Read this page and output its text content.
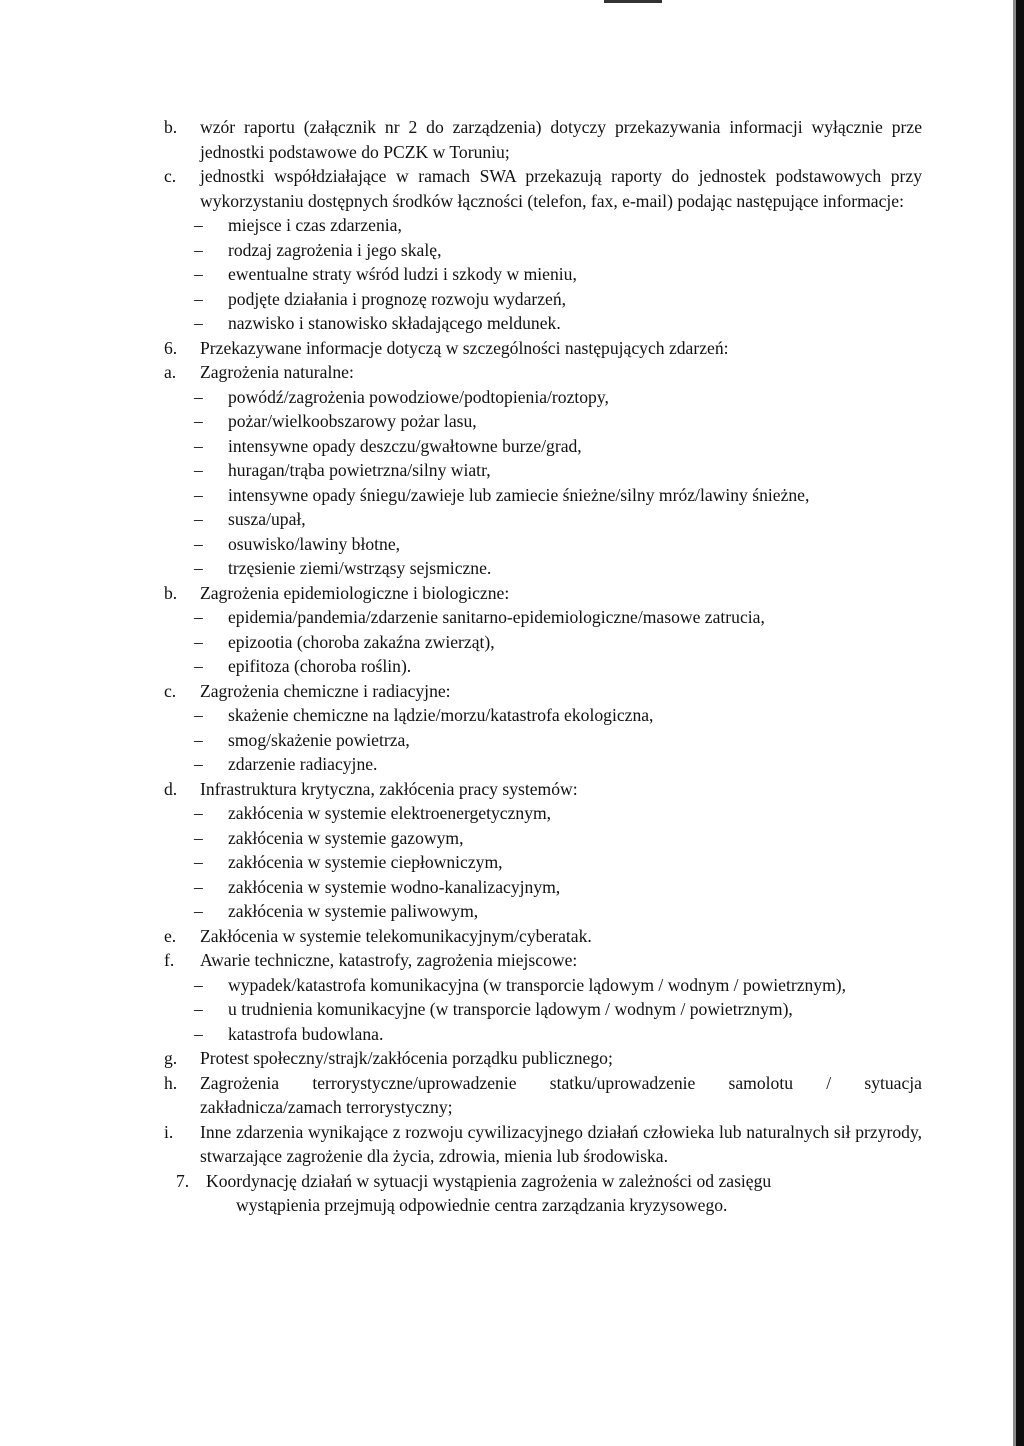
b.	wzór raportu (załącznik nr 2 do zarządzenia) dotyczy przekazywania informacji wyłącznie prze jednostki podstawowe do PCZK w Toruniu;
c.	jednostki współdziałające w ramach SWA przekazują raporty do jednostek podstawowych przy wykorzystaniu dostępnych środków łączności (telefon, fax, e-mail) podając następujące informacje:
–	miejsce i czas zdarzenia,
–	rodzaj zagrożenia i jego skalę,
–	ewentualne straty wśród ludzi i szkody w mieniu,
–	podjęte działania i prognozę rozwoju wydarzeń,
–	nazwisko i stanowisko składającego meldunek.
6.	Przekazywane informacje dotyczą w szczególności następujących zdarzeń:
a.	Zagrożenia naturalne:
–	powódź/zagrożenia powodziowe/podtopienia/roztopy,
–	pożar/wielkoobszarowy pożar lasu,
–	intensywne opady deszczu/gwałtowne burze/grad,
–	huragan/trąba powietrzna/silny wiatr,
–	intensywne opady śniegu/zawieje lub zamiecie śnieżne/silny mróz/lawiny śnieżne,
–	susza/upał,
–	osuwisko/lawiny błotne,
–	trzęsienie ziemi/wstrząsy sejsmiczne.
b.	Zagrożenia epidemiologiczne i biologiczne:
–	epidemia/pandemia/zdarzenie sanitarno-epidemiologiczne/masowe zatrucia,
–	epizootia (choroba zakaźna zwierząt),
–	epifitoza (choroba roślin).
c.	Zagrożenia chemiczne i radiacyjne:
–	skażenie chemiczne na lądzie/morzu/katastrofa ekologiczna,
–	smog/skażenie powietrza,
–	zdarzenie radiacyjne.
d.	Infrastruktura krytyczna, zakłócenia pracy systemów:
–	zakłócenia w systemie elektroenergetycznym,
–	zakłócenia w systemie gazowym,
–	zakłócenia w systemie ciepłowniczym,
–	zakłócenia w systemie wodno-kanalizacyjnym,
–	zakłócenia w systemie paliwowym,
e.	Zakłócenia w systemie telekomunikacyjnym/cyberatak.
f.	Awarie techniczne, katastrofy, zagrożenia miejscowe:
–	wypadek/katastrofa komunikacyjna (w transporcie lądowym / wodnym / powietrznym),
–	u trudnienia komunikacyjne (w transporcie lądowym / wodnym / powietrznym),
–	katastrofa budowlana.
g.	Protest społeczny/strajk/zakłócenia porządku publicznego;
h.	Zagrożenia terrorystyczne/uprowadzenie statku/uprowadzenie samolotu / sytuacja zakładnicza/zamach terrorystyczny;
i.	Inne zdarzenia wynikające z rozwoju cywilizacyjnego działań człowieka lub naturalnych sił przyrody, stwarzające zagrożenie dla życia, zdrowia, mienia lub środowiska.
7. Koordynację działań w sytuacji wystąpienia zagrożenia w zależności od zasięgu
wystąpienia przejmują odpowiednie centra zarządzania kryzysowego.
